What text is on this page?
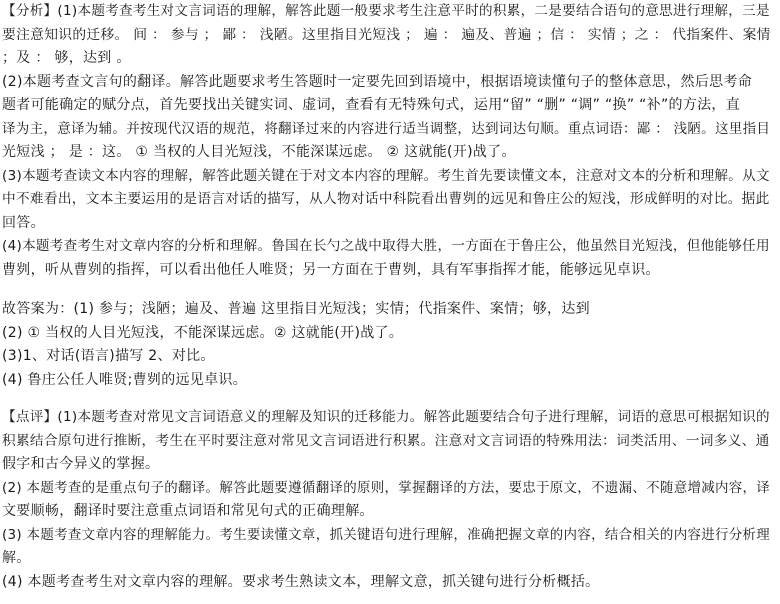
【分析】(1)本题考查考生对文言词语的理解，解答此题一般要求考生注意平时的积累，二是要结合语句的意思进行理解，三是
要注意知识的迁移。 间 ： 参与 ； 鄙 ： 浅陋。这里指目光短浅 ； 遍 ： 遍及、普遍 ；信 ： 实情 ；之 ： 代指案件、案情
；及 ： 够，达到 。
(2)本题考查文言句的翻译。解答此题要求考生答题时一定要先回到语境中，根据语境读懂句子的整体意思，然后思考命
题者可能确定的赋分点，首先要找出关键实词、虚词，查看有无特殊句式，运用“留” “删” “调” “换” “补”的方法，直
译为主，意译为辅。并按现代汉语的规范，将翻译过来的内容进行适当调整，达到词达句顺。重点词语：鄙 ： 浅陋。这里指目
光短浅 ； 是 ：这。 ① 当权的人目光短浅，不能深谋远虑。 ② 这就能(开)战了。
(3)本题考查读文本内容的理解，解答此题关键在于对文本内容的理解。考生首先要读懂文本，注意对文本的分析和理解。从文
中不难看出，文本主要运用的是语言对话的描写，从人物对话中科院看出曹刿的远见和鲁庄公的短浅，形成鲜明的对比。据此
回答。
(4)本题考查考生对文章内容的分析和理解。鲁国在长勺之战中取得大胜，一方面在于鲁庄公，他虽然目光短浅，但他能够任用
曹刿，听从曹刿的指挥，可以看出他任人唯贤；另一方面在于曹刿，具有军事指挥才能，能够远见卓识。
故答案为：(1) 参与；浅陋；遍及、普遍 这里指目光短浅；实情；代指案件、案情；够，达到
(2) ① 当权的人目光短浅，不能深谋远虑。② 这就能(开)战了。
(3)1、对话(语言)描写 2、对比。
(4) 鲁庄公任人唯贤;曹刿的远见卓识。
【点评】(1)本题考查对常见文言词语意义的理解及知识的迁移能力。解答此题要结合句子进行理解，词语的意思可根据知识的
积累结合原句进行推断，考生在平时要注意对常见文言词语进行积累。注意对文言词语的特殊用法：词类活用、一词多义、通
假字和古今异义的掌握。
(2) 本题考查的是重点句子的翻译。解答此题要遵循翻译的原则，掌握翻译的方法，要忠于原文，不遗漏、不随意增减内容，译
文要顺畅，翻译时要注意重点词语和常见句式的正确理解。
(3) 本题考查文章内容的理解能力。考生要读懂文章，抓关键语句进行理解，准确把握文章的内容，结合相关的内容进行分析理
解。
(4) 本题考查考生对文章内容的理解。要求考生熟读文本，理解文意，抓关键句进行分析概括。
